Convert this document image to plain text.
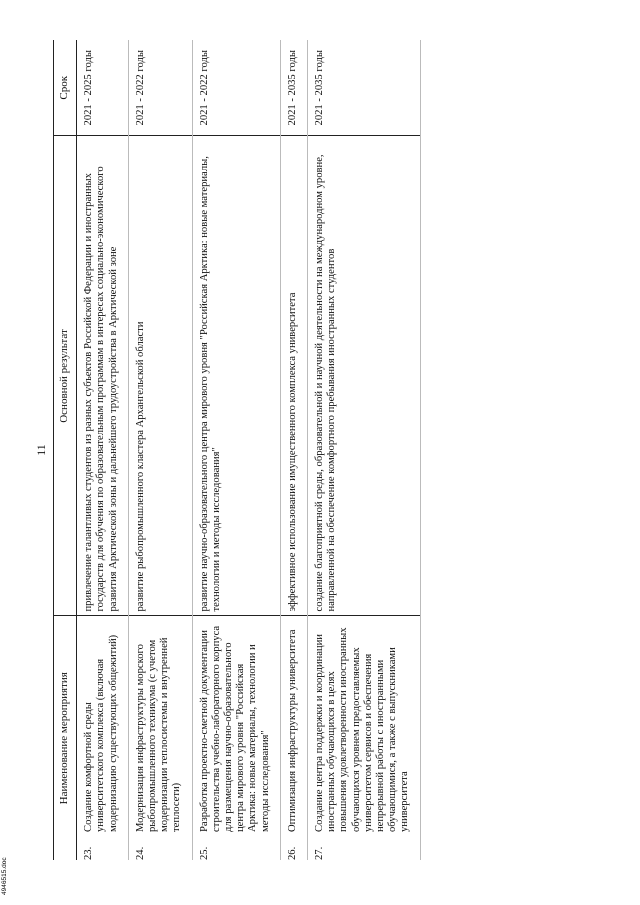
11
Наименование мероприятия		Основной результат	Срок
23.	Создание комфортной среды университетского комплекса (включая модернизацию существующих общежитий)	привлечение талантливых студентов из разных субъектов Российской Федерации и иностранных государств для обучения по образовательным программам в интересах социально-экономического развития Арктической зоны и дальнейшего трудоустройства в Арктической зоне	2021 - 2025 годы
24.	Модернизация инфраструктуры морского рыбопромышленного техникума (с учетом модернизации теплосистемы и внутренней теплосети)	развитие рыбопромышленного кластера Архангельской области	2021 - 2022 годы
25.	Разработка проектно-сметной документации строительства учебно-лабораторного корпуса для размещения научно-образовательного центра мирового уровня "Российская Арктика: новые материалы, технологии и методы исследования"	развитие научно-образовательного центра мирового уровня "Российская Арктика: новые материалы, технологии и методы исследования"	2021 - 2022 годы
26.	Оптимизация инфраструктуры университета	эффективное использование имущественного комплекса университета	2021 - 2035 годы
27.	Создание центра поддержки и координации иностранных обучающихся в целях повышения удовлетворенности иностранных обучающихся уровнем предоставляемых университетом сервисов и обеспечения непрерывной работы с иностранными обучающимися, а также с выпускниками университета	создание благоприятной среды, образовательной и научной деятельности на международном уровне, направленной на обеспечение комфортного пребывания иностранных студентов	2021 - 2035 годы
4946515.doc
